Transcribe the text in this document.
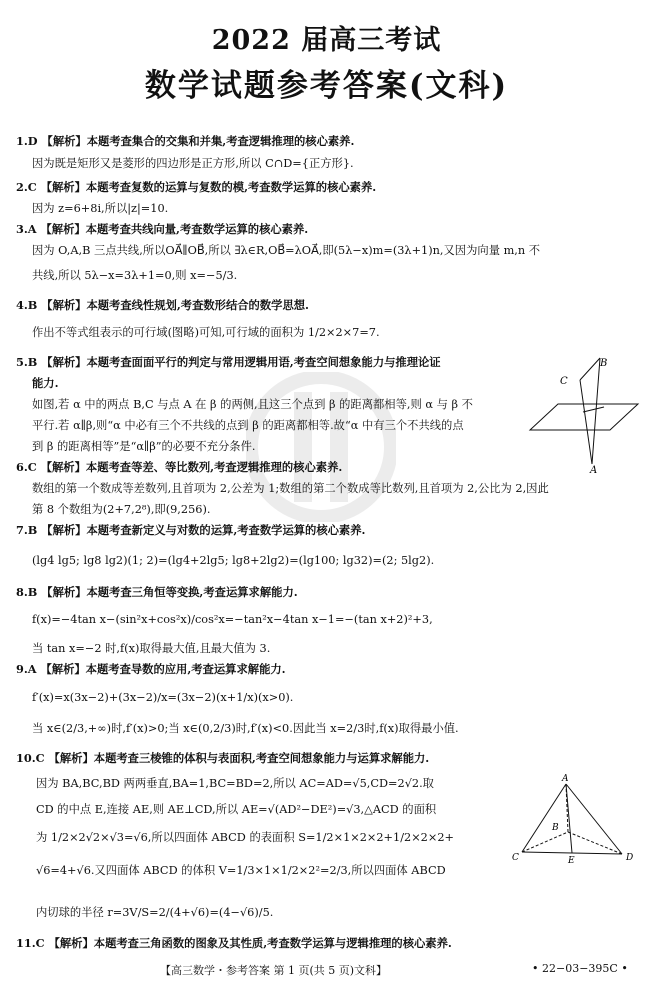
2022 届高三考试
数学试题参考答案(文科)
1.D 【解析】本题考查集合的交集和并集,考查逻辑推理的核心素养.
因为既是矩形又是菱形的四边形是正方形,所以 C∩D={正方形}.
2.C 【解析】本题考查复数的运算与复数的模,考查数学运算的核心素养.
因为 z=6+8i,所以|z|=10.
3.A 【解析】本题考查共线向量,考查数学运算的核心素养.
因为 O,A,B 三点共线,所以OA⃗∥OB⃗,所以 ∃λ∈R,OB⃗=λOA⃗,即(5λ−x)m=(3λ+1)n,又因为向量 m,n 不
共线,所以 5λ−x=3λ+1=0,则 x=−5/3.
4.B 【解析】本题考查线性规划,考查数形结合的数学思想.
作出不等式组表示的可行域(图略)可知,可行域的面积为 1/2×2×7=7.
5.B 【解析】本题考查面面平行的判定与常用逻辑用语,考查空间想象能力与推理论证
能力.
如图,若 α 中的两点 B,C 与点 A 在 β 的两侧,且这三个点到 β 的距离都相等,则 α 与 β 不
平行.若 α∥β,则“α 中必有三个不共线的点到 β 的距离都相等.故“α 中有三个不共线的点
到 β 的距离相等”是“α∥β”的必要不充分条件.
B
C
A
6.C 【解析】本题考查等差、等比数列,考查逻辑推理的核心素养.
数组的第一个数成等差数列,且首项为 2,公差为 1;数组的第二个数成等比数列,且首项为 2,公比为 2,因此
第 8 个数组为(2+7,2⁸),即(9,256).
7.B 【解析】本题考查新定义与对数的运算,考查数学运算的核心素养.
(lg4 lg5; lg8 lg2)(1; 2)=(lg4+2lg5; lg8+2lg2)=(lg100; lg32)=(2; 5lg2).
8.B 【解析】本题考查三角恒等变换,考查运算求解能力.
f(x)=−4tan x−(sin²x+cos²x)/cos²x=−tan²x−4tan x−1=−(tan x+2)²+3,
当 tan x=−2 时,f(x)取得最大值,且最大值为 3.
9.A 【解析】本题考查导数的应用,考查运算求解能力.
f′(x)=x(3x−2)+(3x−2)/x=(3x−2)(x+1/x)(x>0).
当 x∈(2/3,+∞)时,f′(x)>0;当 x∈(0,2/3)时,f′(x)<0.因此当 x=2/3时,f(x)取得最小值.
10.C 【解析】本题考查三棱锥的体积与表面积,考查空间想象能力与运算求解能力.
因为 BA,BC,BD 两两垂直,BA=1,BC=BD=2,所以 AC=AD=√5,CD=2√2.取
CD 的中点 E,连接 AE,则 AE⊥CD,所以 AE=√(AD²−DE²)=√3,△ACD 的面积
为 1/2×2√2×√3=√6,所以四面体 ABCD 的表面积 S=1/2×1×2×2+1/2×2×2+
√6=4+√6.又四面体 ABCD 的体积 V=1/3×1×1/2×2²=2/3,所以四面体 ABCD
内切球的半径 r=3V/S=2/(4+√6)=(4−√6)/5.
A
B
C	E	D
11.C 【解析】本题考查三角函数的图象及其性质,考查数学运算与逻辑推理的核心素养.
【高三数学・参考答案 第 1 页(共 5 页)文科】	• 22−03−395C •
